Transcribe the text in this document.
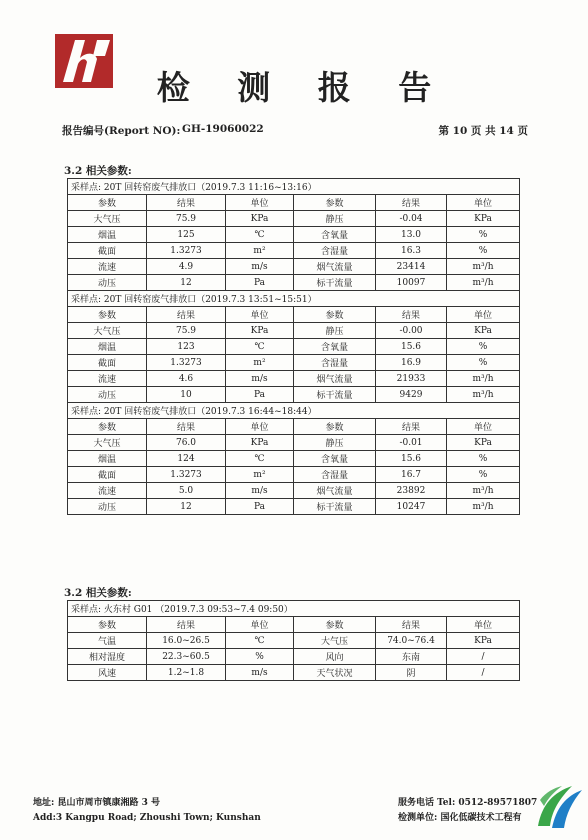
检 测 报 告
报告编号(Report NO): GH-19060022	第 10 页 共 14 页
3.2 相关参数:
采样点: 20T 回转窑废气排放口（2019.7.3 11:16~13:16）					
参数	结果	单位	参数	结果	单位
大气压	75.9	KPa	静压	-0.04	KPa
烟温	125	℃	含氧量	13.0	%
截面	1.3273	m²	含湿量	16.3	%
流速	4.9	m/s	烟气流量	23414	m³/h
动压	12	Pa	标干流量	10097	m³/h
采样点: 20T 回转窑废气排放口（2019.7.3 13:51~15:51）					
参数	结果	单位	参数	结果	单位
大气压	75.9	KPa	静压	-0.00	KPa
烟温	123	℃	含氧量	15.6	%
截面	1.3273	m²	含湿量	16.9	%
流速	4.6	m/s	烟气流量	21933	m³/h
动压	10	Pa	标干流量	9429	m³/h
采样点: 20T 回转窑废气排放口（2019.7.3 16:44~18:44）					
参数	结果	单位	参数	结果	单位
大气压	76.0	KPa	静压	-0.01	KPa
烟温	124	℃	含氧量	15.6	%
截面	1.3273	m²	含湿量	16.7	%
流速	5.0	m/s	烟气流量	23892	m³/h
动压	12	Pa	标干流量	10247	m³/h
3.2 相关参数:
采样点: 火东村 G01 （2019.7.3 09:53~7.4 09:50）					
参数	结果	单位	参数	结果	单位
气温	16.0~26.5	℃	大气压	74.0~76.4	KPa
相对湿度	22.3~60.5	%	风向	东南	/
风速	1.2~1.8	m/s	天气状况	阴	/
地址: 昆山市周市镇康湘路 3 号
Add:3 Kangpu Road; Zhoushi Town; Kunshan
服务电话 Tel: 0512-89571807
检测单位: 国化低碳技术工程有
